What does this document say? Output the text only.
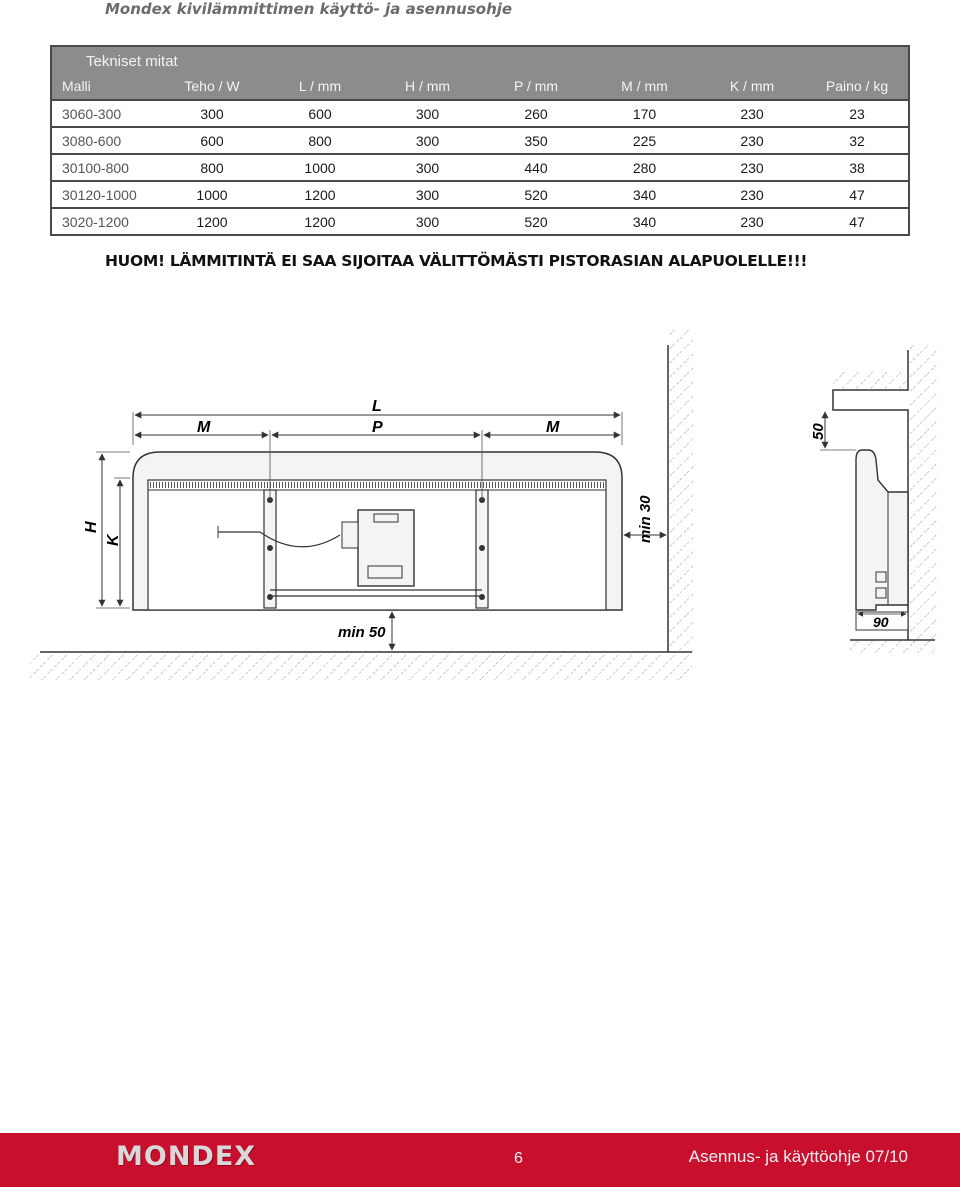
Mondex kivilämmittimen käyttö- ja asennusohje
Tekniset mitat
Malli	Teho / W	L / mm	H / mm	P / mm	M / mm	K / mm	Paino / kg
3060-300	300	600	300	260	170	230	23
3080-600	600	800	300	350	225	230	32
30100-800	800	1000	300	440	280	230	38
30120-1000	1000	1200	300	520	340	230	47
3020-1200	1200	1200	300	520	340	230	47
HUOM! LÄMMITINTÄ EI SAA SIJOITAA VÄLITTÖMÄSTI PISTORASIAN ALAPUOLELLE!!!
L
M	P	M
H
K
min 50
min 30
50
90
MONDEX	6	Asennus- ja käyttöohje 07/10
